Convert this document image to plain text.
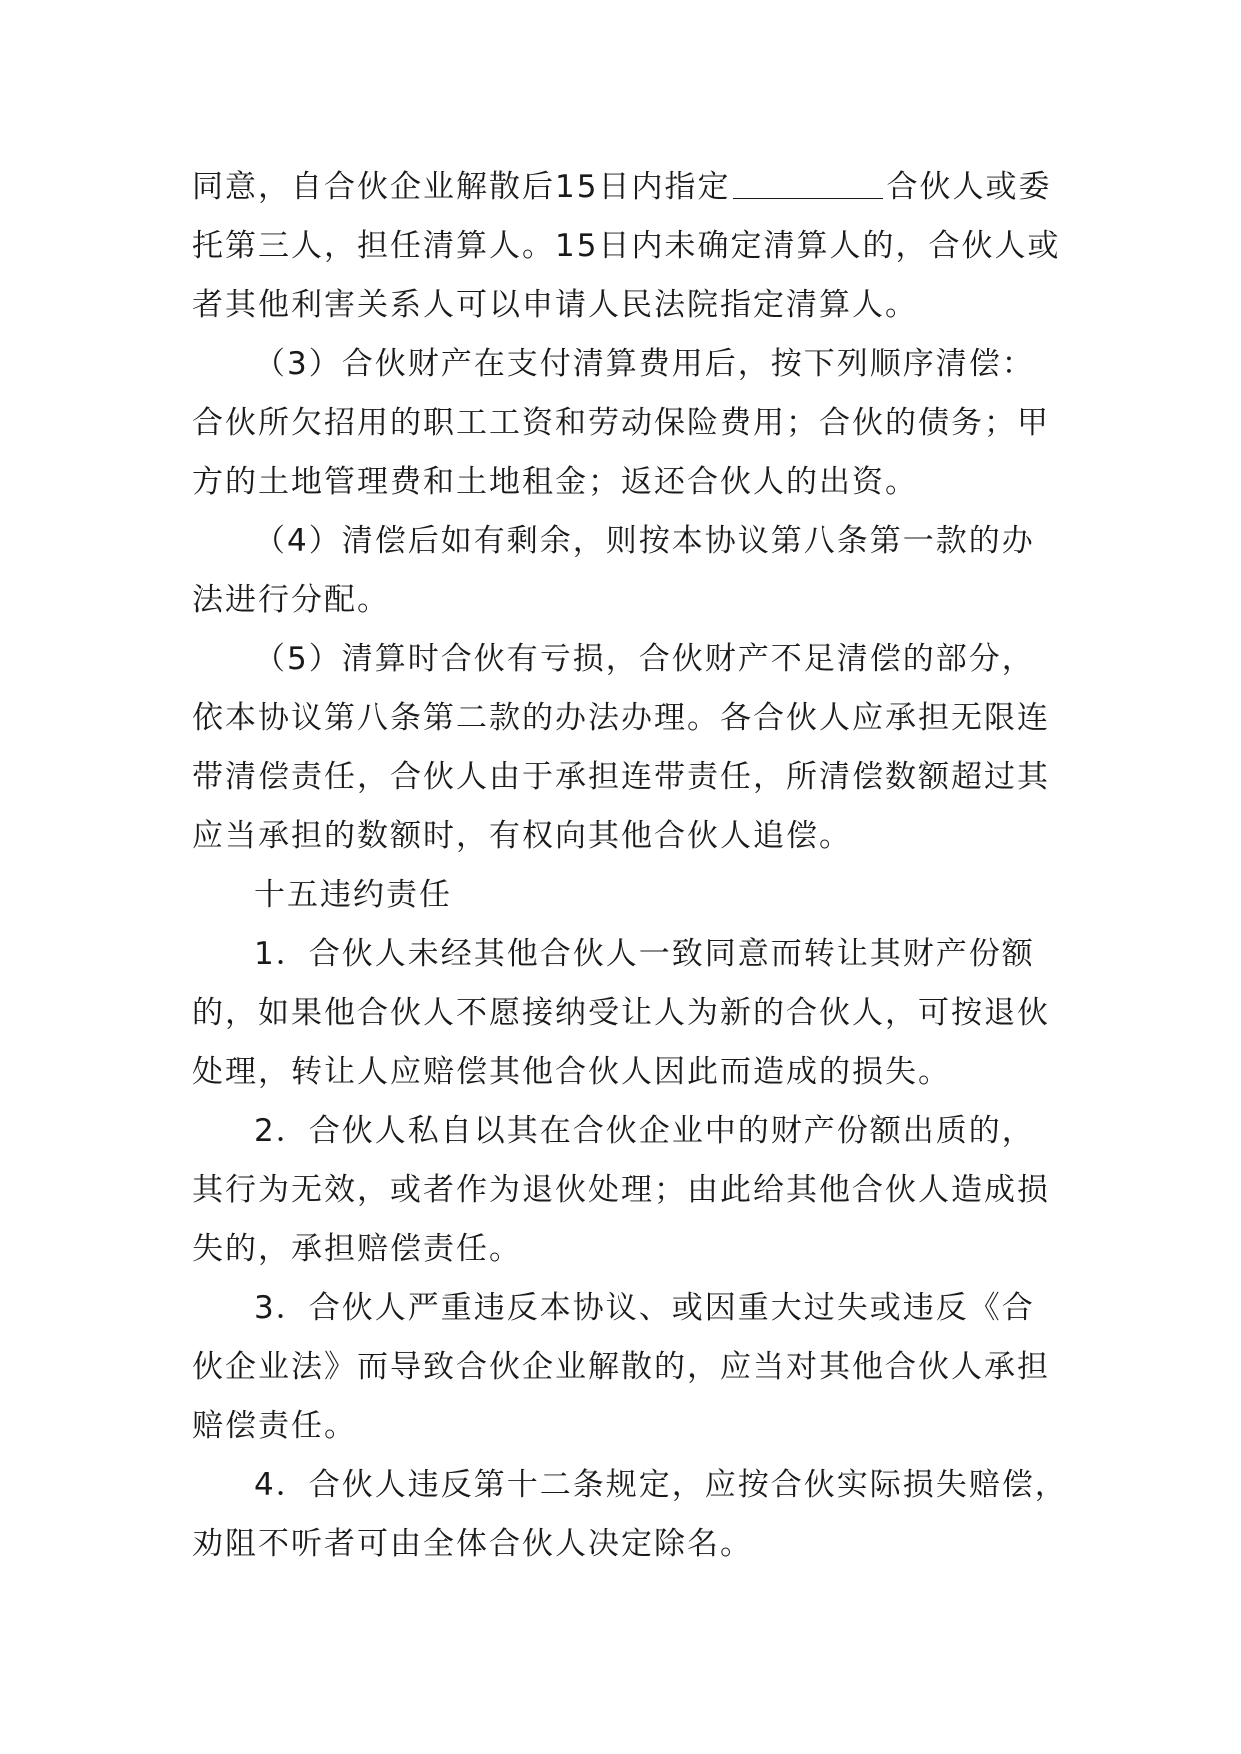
同意，自合伙企业解散后15日内指定	合伙人或委
托第三人，担任清算人。15日内未确定清算人的，合伙人或
者其他利害关系人可以申请人民法院指定清算人。
（3）合伙财产在支付清算费用后，按下列顺序清偿：
合伙所欠招用的职工工资和劳动保险费用；合伙的债务；甲
方的土地管理费和土地租金；返还合伙人的出资。
（4）清偿后如有剩余，则按本协议第八条第一款的办
法进行分配。
（5）清算时合伙有亏损，合伙财产不足清偿的部分，
依本协议第八条第二款的办法办理。各合伙人应承担无限连
带清偿责任，合伙人由于承担连带责任，所清偿数额超过其
应当承担的数额时，有权向其他合伙人追偿。
十五违约责任
1．合伙人未经其他合伙人一致同意而转让其财产份额
的，如果他合伙人不愿接纳受让人为新的合伙人，可按退伙
处理，转让人应赔偿其他合伙人因此而造成的损失。
2．合伙人私自以其在合伙企业中的财产份额出质的，
其行为无效，或者作为退伙处理；由此给其他合伙人造成损
失的，承担赔偿责任。
3．合伙人严重违反本协议、或因重大过失或违反《合
伙企业法》而导致合伙企业解散的，应当对其他合伙人承担
赔偿责任。
4．合伙人违反第十二条规定，应按合伙实际损失赔偿，
劝阻不听者可由全体合伙人决定除名。
